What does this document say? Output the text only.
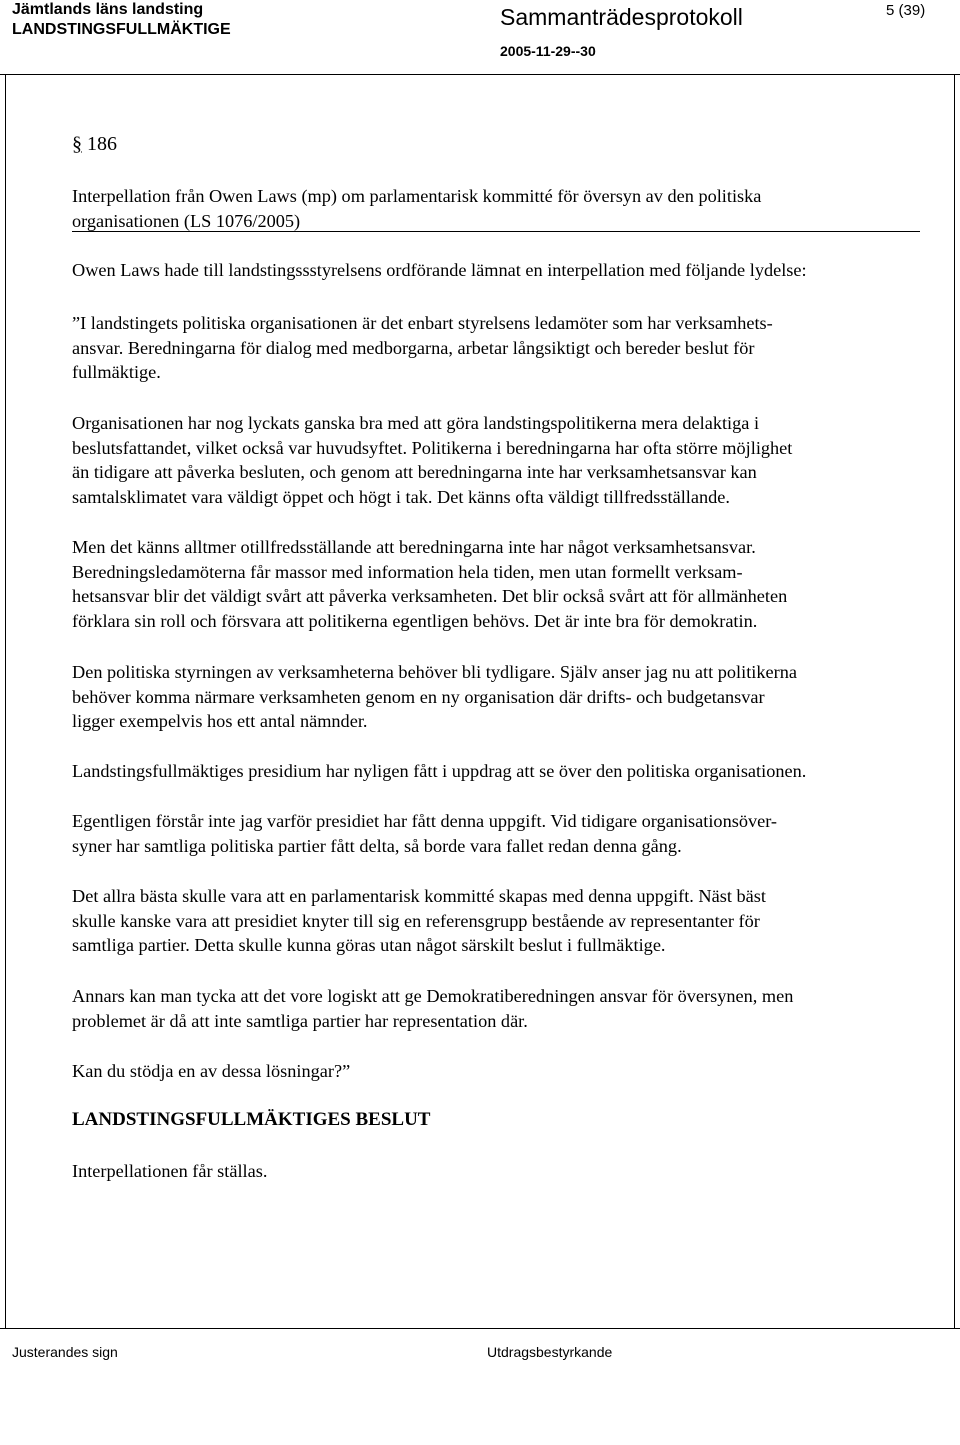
Jämtlands läns landsting
LANDSTINGSFULLMÄKTIGE	Sammanträdesprotokoll
2005-11-29--30
5 (39)

§ 186

Interpellation från Owen Laws (mp) om parlamentarisk kommitté för översyn av den politiska
organisationen (LS 1076/2005)

Owen Laws hade till landstingssstyrelsens ordförande lämnat en interpellation med följande lydelse:

”I landstingets politiska organisationen är det enbart styrelsens ledamöter som har verksamhets-
ansvar. Beredningarna för dialog med medborgarna, arbetar långsiktigt och bereder beslut för
fullmäktige.

Organisationen har nog lyckats ganska bra med att göra landstingspolitikerna mera delaktiga i
beslutsfattandet, vilket också var huvudsyftet. Politikerna i beredningarna har ofta större möjlighet
än tidigare att påverka besluten, och genom att beredningarna inte har verksamhetsansvar kan
samtalsklimatet vara väldigt öppet och högt i tak. Det känns ofta väldigt tillfredsställande.

Men det känns alltmer otillfredsställande att beredningarna inte har något verksamhetsansvar.
Beredningsledamöterna får massor med information hela tiden, men utan formellt verksam-
hetsansvar blir det väldigt svårt att påverka verksamheten. Det blir också svårt att för allmänheten
förklara sin roll och försvara att politikerna egentligen behövs. Det är inte bra för demokratin.

Den politiska styrningen av verksamheterna behöver bli tydligare. Själv anser jag nu att politikerna
behöver komma närmare verksamheten genom en ny organisation där drifts- och budgetansvar
ligger exempelvis hos ett antal nämnder.

Landstingsfullmäktiges presidium har nyligen fått i uppdrag att se över den politiska organisationen.

Egentligen förstår inte jag varför presidiet har fått denna uppgift. Vid tidigare organisationsöver-
syner har samtliga politiska partier fått delta, så borde vara fallet redan denna gång.

Det allra bästa skulle vara att en parlamentarisk kommitté skapas med denna uppgift. Näst bäst
skulle kanske vara att presidiet knyter till sig en referensgrupp bestående av representanter för
samtliga partier. Detta skulle kunna göras utan något särskilt beslut i fullmäktige.

Annars kan man tycka att det vore logiskt att ge Demokratiberedningen ansvar för översynen, men
problemet är då att inte samtliga partier har representation där.

Kan du stödja en av dessa lösningar?”

LANDSTINGSFULLMÄKTIGES BESLUT

Interpellationen får ställas.

Justerandes sign	Utdragsbestyrkande
